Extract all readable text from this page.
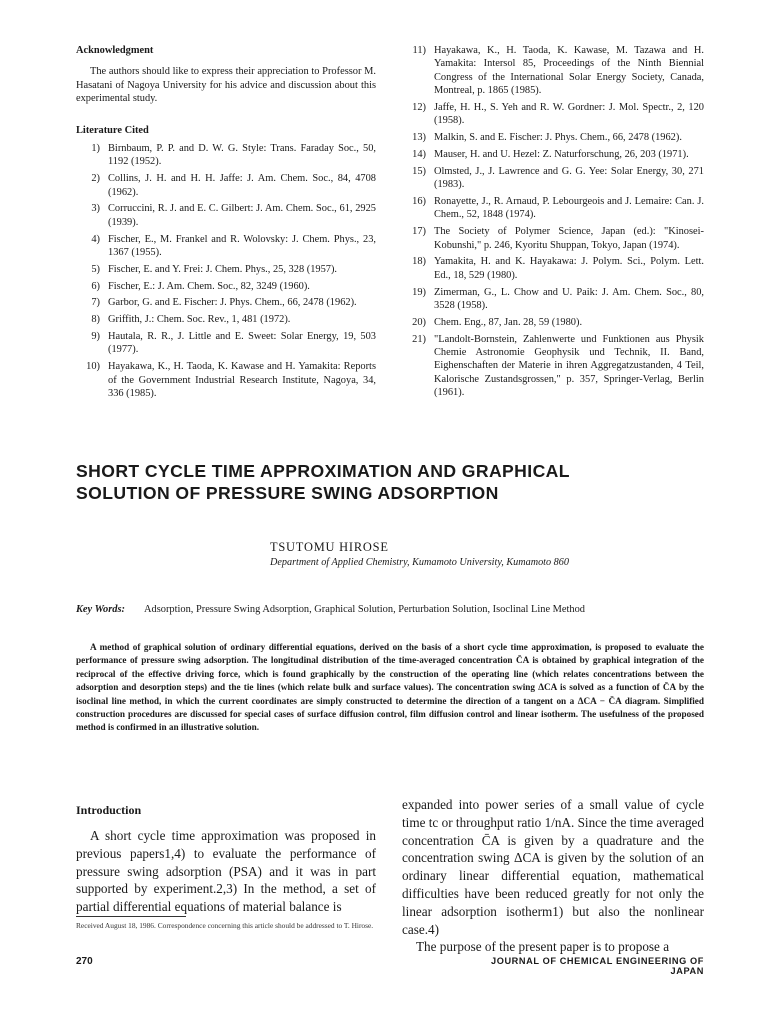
Acknowledgment
The authors should like to express their appreciation to Professor M. Hasatani of Nagoya University for his advice and discussion about this experimental study.
Literature Cited
1) Birnbaum, P. P. and D. W. G. Style: Trans. Faraday Soc., 50, 1192 (1952).
2) Collins, J. H. and H. H. Jaffe: J. Am. Chem. Soc., 84, 4708 (1962).
3) Corruccini, R. J. and E. C. Gilbert: J. Am. Chem. Soc., 61, 2925 (1939).
4) Fischer, E., M. Frankel and R. Wolovsky: J. Chem. Phys., 23, 1367 (1955).
5) Fischer, E. and Y. Frei: J. Chem. Phys., 25, 328 (1957).
6) Fischer, E.: J. Am. Chem. Soc., 82, 3249 (1960).
7) Garbor, G. and E. Fischer: J. Phys. Chem., 66, 2478 (1962).
8) Griffith, J.: Chem. Soc. Rev., 1, 481 (1972).
9) Hautala, R. R., J. Little and E. Sweet: Solar Energy, 19, 503 (1977).
10) Hayakawa, K., H. Taoda, K. Kawase and H. Yamakita: Reports of the Government Industrial Research Institute, Nagoya, 34, 336 (1985).
11) Hayakawa, K., H. Taoda, K. Kawase, M. Tazawa and H. Yamakita: Intersol 85, Proceedings of the Ninth Biennial Congress of the International Solar Energy Society, Canada, Montreal, p. 1865 (1985).
12) Jaffe, H. H., S. Yeh and R. W. Gordner: J. Mol. Spectr., 2, 120 (1958).
13) Malkin, S. and E. Fischer: J. Phys. Chem., 66, 2478 (1962).
14) Mauser, H. and U. Hezel: Z. Naturforschung, 26, 203 (1971).
15) Olmsted, J., J. Lawrence and G. G. Yee: Solar Energy, 30, 271 (1983).
16) Ronayette, J., R. Arnaud, P. Lebourgeois and J. Lemaire: Can. J. Chem., 52, 1848 (1974).
17) The Society of Polymer Science, Japan (ed.): "Kinosei-Kobunshi," p. 246, Kyoritu Shuppan, Tokyo, Japan (1974).
18) Yamakita, H. and K. Hayakawa: J. Polym. Sci., Polym. Lett. Ed., 18, 529 (1980).
19) Zimerman, G., L. Chow and U. Paik: J. Am. Chem. Soc., 80, 3528 (1958).
20) Chem. Eng., 87, Jan. 28, 59 (1980).
21) "Landolt-Bornstein, Zahlenwerte und Funktionen aus Physik Chemie Astronomie Geophysik und Technik, II. Band, Eighenschaften der Materie in ihren Aggregatzustanden, 4 Teil, Kalorische Zustandsgrossen," p. 357, Springer-Verlag, Berlin (1961).
SHORT CYCLE TIME APPROXIMATION AND GRAPHICAL
SOLUTION OF PRESSURE SWING ADSORPTION
TSUTOMU HIROSE
Department of Applied Chemistry, Kumamoto University, Kumamoto 860
Key Words:	Adsorption, Pressure Swing Adsorption, Graphical Solution, Perturbation Solution, Isoclinal Line Method
A method of graphical solution of ordinary differential equations, derived on the basis of a short cycle time approximation, is proposed to evaluate the performance of pressure swing adsorption. The longitudinal distribution of the time-averaged concentration C̄A is obtained by graphical integration of the reciprocal of the effective driving force, which is found graphically by the construction of the operating line (which relates concentrations between the adsorption and desorption steps) and the tie lines (which relate bulk and surface values). The concentration swing ΔCA is solved as a function of C̄A by the isoclinal line method, in which the current coordinates are simply constructed to determine the direction of a tangent on a ΔCA − C̄A diagram. Simplified construction procedures are discussed for special cases of surface diffusion control, film diffusion control and linear isotherm. The usefulness of the proposed method is confirmed in an illustrative solution.
Introduction
A short cycle time approximation was proposed in previous papers1,4) to evaluate the performance of pressure swing adsorption (PSA) and it was in part supported by experiment.2,3) In the method, a set of partial differential equations of material balance is

expanded into power series of a small value of cycle time tc or throughput ratio 1/nA. Since the time averaged concentration C̄A is given by a quadrature and the concentration swing ΔCA is given by the solution of an ordinary linear differential equation, mathematical difficulties have been reduced greatly for not only the linear adsorption isotherm1) but also the nonlinear case.4)

The purpose of the present paper is to propose a

Received August 18, 1986. Correspondence concerning this article should be addressed to T. Hirose.
270	JOURNAL OF CHEMICAL ENGINEERING OF JAPAN
